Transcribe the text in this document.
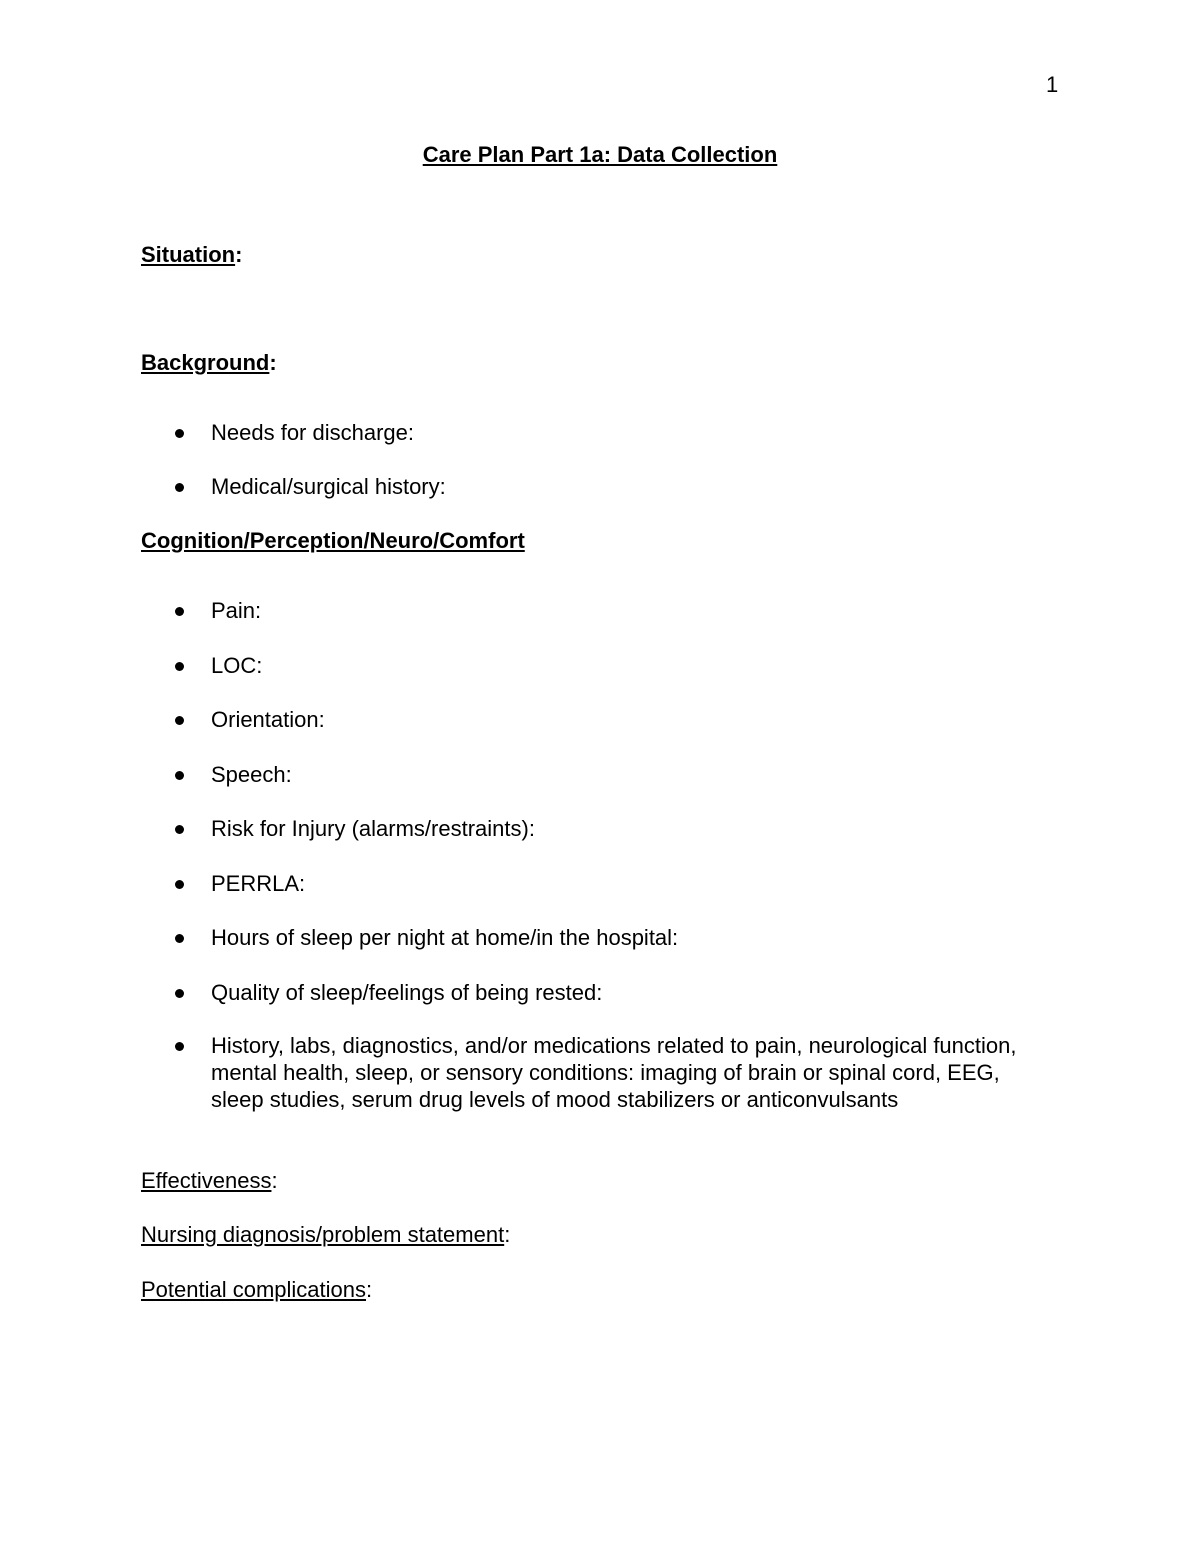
1
Care Plan Part 1a: Data Collection
Situation:
Background:
Needs for discharge:
Medical/surgical history:
Cognition/Perception/Neuro/Comfort
Pain:
LOC:
Orientation:
Speech:
Risk for Injury (alarms/restraints):
PERRLA:
Hours of sleep per night at home/in the hospital:
Quality of sleep/feelings of being rested:
History, labs, diagnostics, and/or medications related to pain, neurological function, mental health, sleep, or sensory conditions: imaging of brain or spinal cord, EEG, sleep studies, serum drug levels of mood stabilizers or anticonvulsants
Effectiveness:
Nursing diagnosis/problem statement:
Potential complications:
